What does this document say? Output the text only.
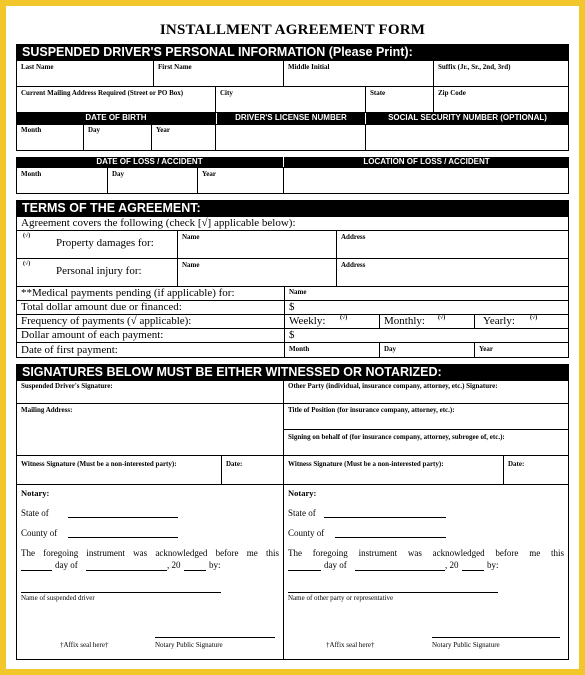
INSTALLMENT AGREEMENT FORM
SUSPENDED DRIVER'S PERSONAL INFORMATION (Please Print):
Last Name	First Name	Middle Initial	Suffix (Jr., Sr., 2nd, 3rd)
Current Mailing Address Required (Street or PO Box)	City	State	Zip Code
DATE OF BIRTH	DRIVER'S LICENSE NUMBER	SOCIAL SECURITY NUMBER (OPTIONAL)
Month	Day	Year
DATE OF LOSS / ACCIDENT	LOCATION OF LOSS / ACCIDENT
Month	Day	Year
TERMS OF THE AGREEMENT:
Agreement covers the following (check [√] applicable below):
(√)
Property damages for:	Name	Address
(√)
Personal injury for:	Name	Address
**Medical payments pending (if applicable) for:	Name
Total dollar amount due or financed:	$
Frequency of payments (√ applicable):	Weekly: (√)	Monthly: (√)	Yearly:	(√)
Dollar amount of each payment:	$
Date of first payment:	Month	Day	Year
SIGNATURES BELOW MUST BE EITHER WITNESSED OR NOTARIZED:
Suspended Driver's Signature:
Mailing Address:
Witness Signature (Must be a non-interested party):	Date:
Other Party (individual, insurance company, attorney, etc.) Signature:
Title of Position (for insurance company, attorney, etc.):
Signing on behalf of (for insurance company, attorney, subrogee of, etc.):
Witness Signature (Must be a non-interested party):	Date:
Notary:
State of
County of
The foregoing instrument was acknowledged before me this
day of	, 20	by:
Name of suspended driver
†Affix seal here†	Notary Public Signature
Notary:
State of
County of
The foregoing instrument was acknowledged before me this
day of	, 20	by:
Name of other party or representative
†Affix seal here†	Notary Public Signature
